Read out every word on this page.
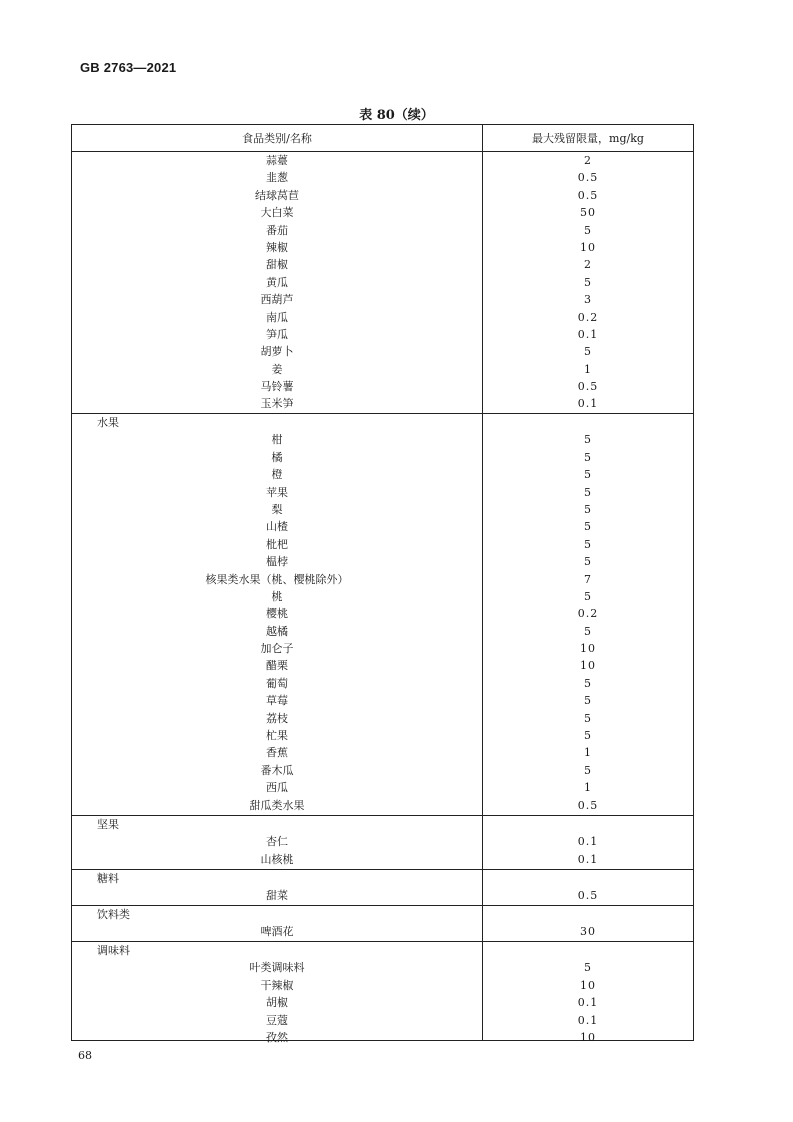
GB 2763—2021
表 80（续）
食品类别/名称	最大残留限量，mg/kg
蒜薹	2
韭葱	0.5
结球莴苣	0.5
大白菜	50
番茄	5
辣椒	10
甜椒	2
黄瓜	5
西葫芦	3
南瓜	0.2
笋瓜	0.1
胡萝卜	5
姜	1
马铃薯	0.5
玉米笋	0.1
水果
柑	5
橘	5
橙	5
苹果	5
梨	5
山楂	5
枇杷	5
榅桲	5
核果类水果（桃、樱桃除外）	7
桃	5
樱桃	0.2
越橘	5
加仑子	10
醋栗	10
葡萄	5
草莓	5
荔枝	5
杧果	5
香蕉	1
番木瓜	5
西瓜	1
甜瓜类水果	0.5
坚果
杏仁	0.1
山核桃	0.1
糖料
甜菜	0.5
饮料类
啤酒花	30
调味料
叶类调味料	5
干辣椒	10
胡椒	0.1
豆蔻	0.1
孜然	10
68
